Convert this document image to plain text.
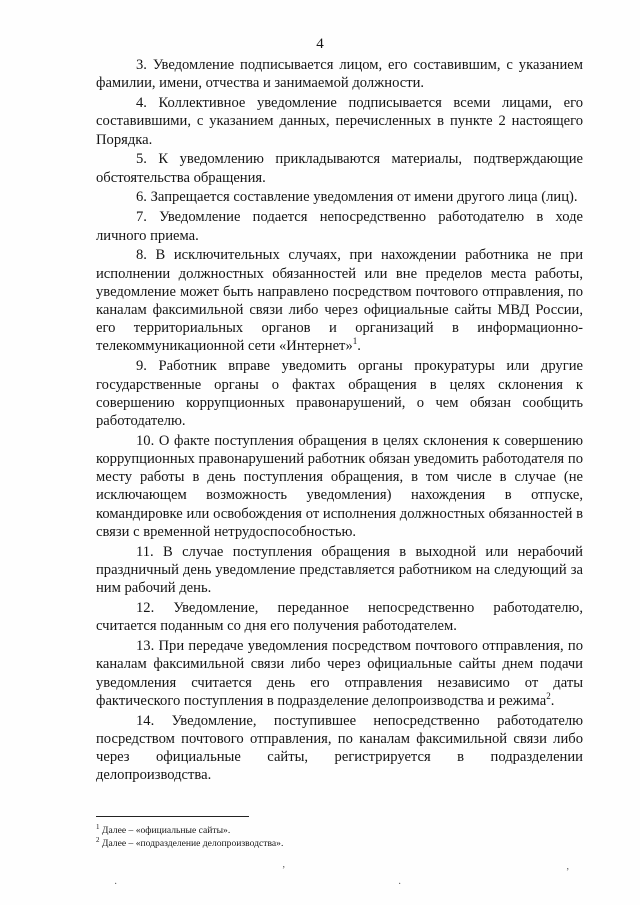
4

3. Уведомление подписывается лицом, его составившим, с указанием фамилии, имени, отчества и занимаемой должности.

4. Коллективное уведомление подписывается всеми лицами, его составившими, с указанием данных, перечисленных в пункте 2 настоящего Порядка.

5. К уведомлению прикладываются материалы, подтверждающие обстоятельства обращения.

6. Запрещается составление уведомления от имени другого лица (лиц).

7. Уведомление подается непосредственно работодателю в ходе личного приема.

8. В исключительных случаях, при нахождении работника не при исполнении должностных обязанностей или вне пределов места работы, уведомление может быть направлено посредством почтового отправления, по каналам факсимильной связи либо через официальные сайты МВД России, его территориальных органов и организаций в информационно-телекоммуникационной сети «Интернет»$^1$.

9. Работник вправе уведомить органы прокуратуры или другие государственные органы о фактах обращения в целях склонения к совершению коррупционных правонарушений, о чем обязан сообщить работодателю.

10. О факте поступления обращения в целях склонения к совершению коррупционных правонарушений работник обязан уведомить работодателя по месту работы в день поступления обращения, в том числе в случае (не исключающем возможность уведомления) нахождения в отпуске, командировке или освобождения от исполнения должностных обязанностей в связи с временной нетрудоспособностью.

11. В случае поступления обращения в выходной или нерабочий праздничный день уведомление представляется работником на следующий за ним рабочий день.

12. Уведомление, переданное непосредственно работодателю, считается поданным со дня его получения работодателем.

13. При передаче уведомления посредством почтового отправления, по каналам факсимильной связи либо через официальные сайты днем подачи уведомления считается день его отправления независимо от даты фактического поступления в подразделение делопроизводства и режима$^2$.

14. Уведомление, поступившее непосредственно работодателю посредством почтового отправления, по каналам факсимильной связи либо через официальные сайты, регистрируется в подразделении делопроизводства.

$^1$ Далее – «официальные сайты».
$^2$ Далее – «подразделение делопроизводства».
ʼ	ʼ
·
·
